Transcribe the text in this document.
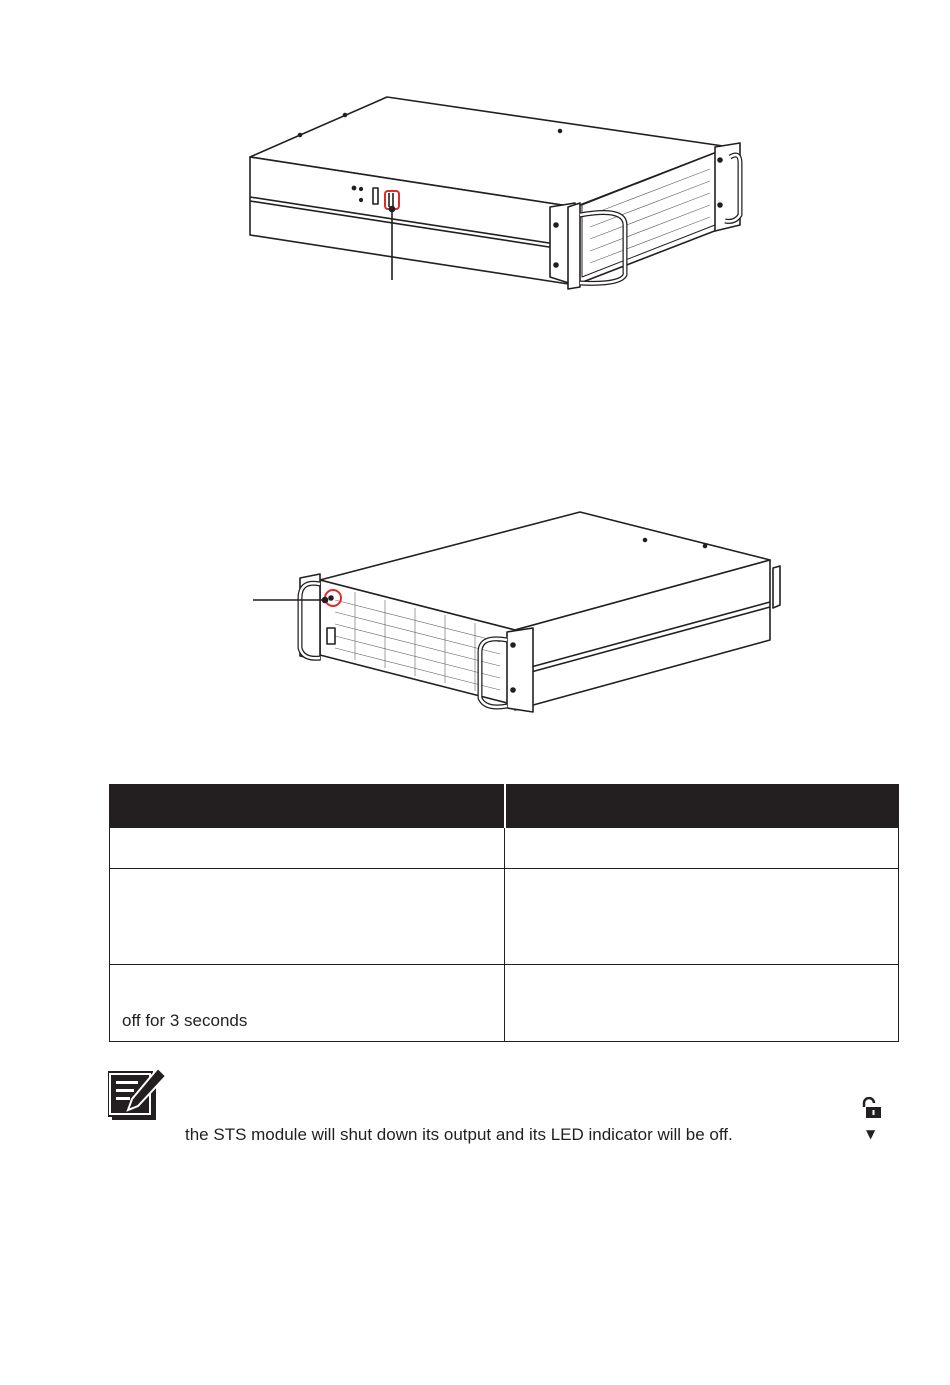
off for 3 seconds	
the STS module will shut down its output and its LED indicator will be off.	▼
